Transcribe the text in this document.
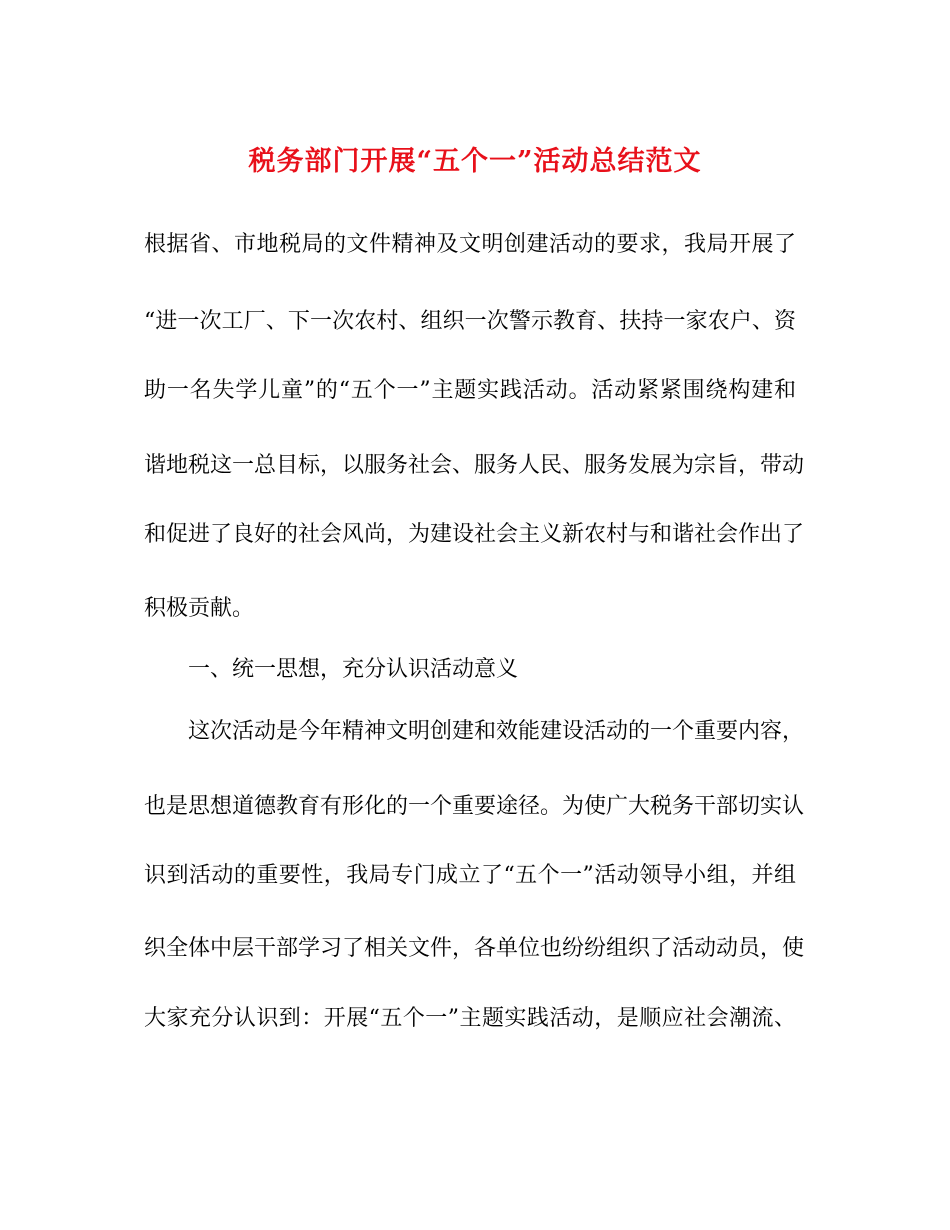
税务部门开展“五个一”活动总结范文
根据省、市地税局的文件精神及文明创建活动的要求，我局开展了
“进一次工厂、下一次农村、组织一次警示教育、扶持一家农户、资
助一名失学儿童”的“五个一”主题实践活动。活动紧紧围绕构建和
谐地税这一总目标，以服务社会、服务人民、服务发展为宗旨，带动
和促进了良好的社会风尚，为建设社会主义新农村与和谐社会作出了
积极贡献。
一、统一思想，充分认识活动意义
这次活动是今年精神文明创建和效能建设活动的一个重要内容，
也是思想道德教育有形化的一个重要途径。为使广大税务干部切实认
识到活动的重要性，我局专门成立了“五个一”活动领导小组，并组
织全体中层干部学习了相关文件，各单位也纷纷组织了活动动员，使
大家充分认识到：开展“五个一”主题实践活动，是顺应社会潮流、
